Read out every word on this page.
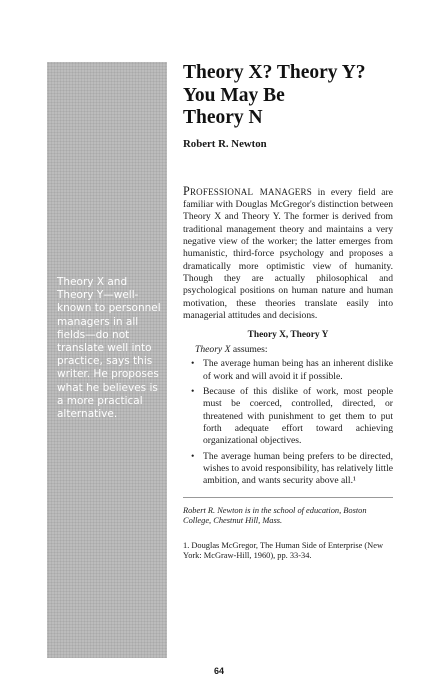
Theory X and Theory Y—well-known to personnel managers in all fields—do not translate well into practice, says this writer. He proposes what he believes is a more practical alternative.

Theory X? Theory Y?
You May Be
Theory N

Robert R. Newton

Professional managers in every field are familiar with Douglas McGregor's distinction between Theory X and Theory Y. The former is derived from traditional management theory and maintains a very negative view of the worker; the latter emerges from humanistic, third-force psychology and proposes a dramatically more optimistic view of humanity. Though they are actually philosophical and psychological positions on human nature and human motivation, these theories translate easily into managerial attitudes and decisions.

Theory X, Theory Y

Theory X assumes:

• The average human being has an inherent dislike of work and will avoid it if possible.
• Because of this dislike of work, most people must be coerced, controlled, directed, or threatened with punishment to get them to put forth adequate effort toward achieving organizational objectives.
• The average human being prefers to be directed, wishes to avoid responsibility, has relatively little ambition, and wants security above all.¹

Robert R. Newton is in the school of education, Boston College, Chestnut Hill, Mass.

1. Douglas McGregor, The Human Side of Enterprise (New York: McGraw-Hill, 1960), pp. 33-34.

64
